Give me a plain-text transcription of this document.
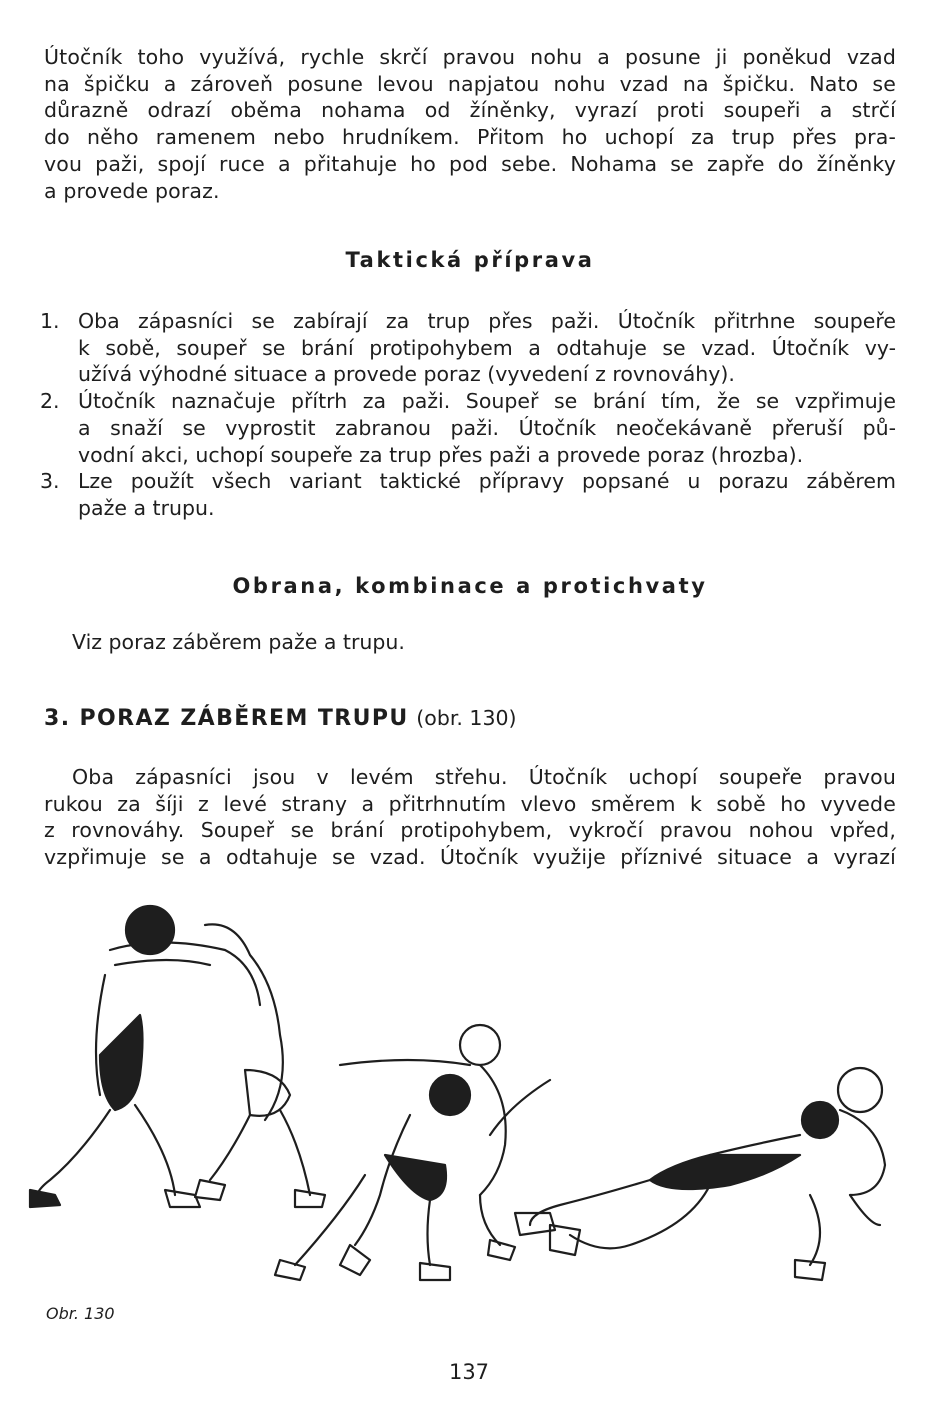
Útočník toho využívá, rychle skrčí pravou nohu a posune ji poněkud vzad
na špičku a zároveň posune levou napjatou nohu vzad na špičku. Nato se
důrazně odrazí oběma nohama od žíněnky, vyrazí proti soupeři a strčí
do něho ramenem nebo hrudníkem. Přitom ho uchopí za trup přes pra-
vou paži, spojí ruce a přitahuje ho pod sebe. Nohama se zapře do žíněnky
a provede poraz.
Taktická příprava
1. Oba zápasníci se zabírají za trup přes paži. Útočník přitrhne soupeře
k sobě, soupeř se brání protipohybem a odtahuje se vzad. Útočník vy-
užívá výhodné situace a provede poraz (vyvedení z rovnováhy).
2. Útočník naznačuje přítrh za paži. Soupeř se brání tím, že se vzpřimuje
a snaží se vyprostit zabranou paži. Útočník neočekávaně přeruší pů-
vodní akci, uchopí soupeře za trup přes paži a provede poraz (hrozba).
3. Lze použít všech variant taktické přípravy popsané u porazu záběrem
paže a trupu.
Obrana, kombinace a protichvaty

Viz poraz záběrem paže a trupu.

3. PORAZ ZÁBĚREM TRUPU (obr. 130)
Oba zápasníci jsou v levém střehu. Útočník uchopí soupeře pravou
rukou za šíji z levé strany a přitrhnutím vlevo směrem k sobě ho vyvede
z rovnováhy. Soupeř se brání protipohybem, vykročí pravou nohou vpřed,
vzpřimuje se a odtahuje se vzad. Útočník využije příznivé situace a vyrazí

Obr. 130

137
